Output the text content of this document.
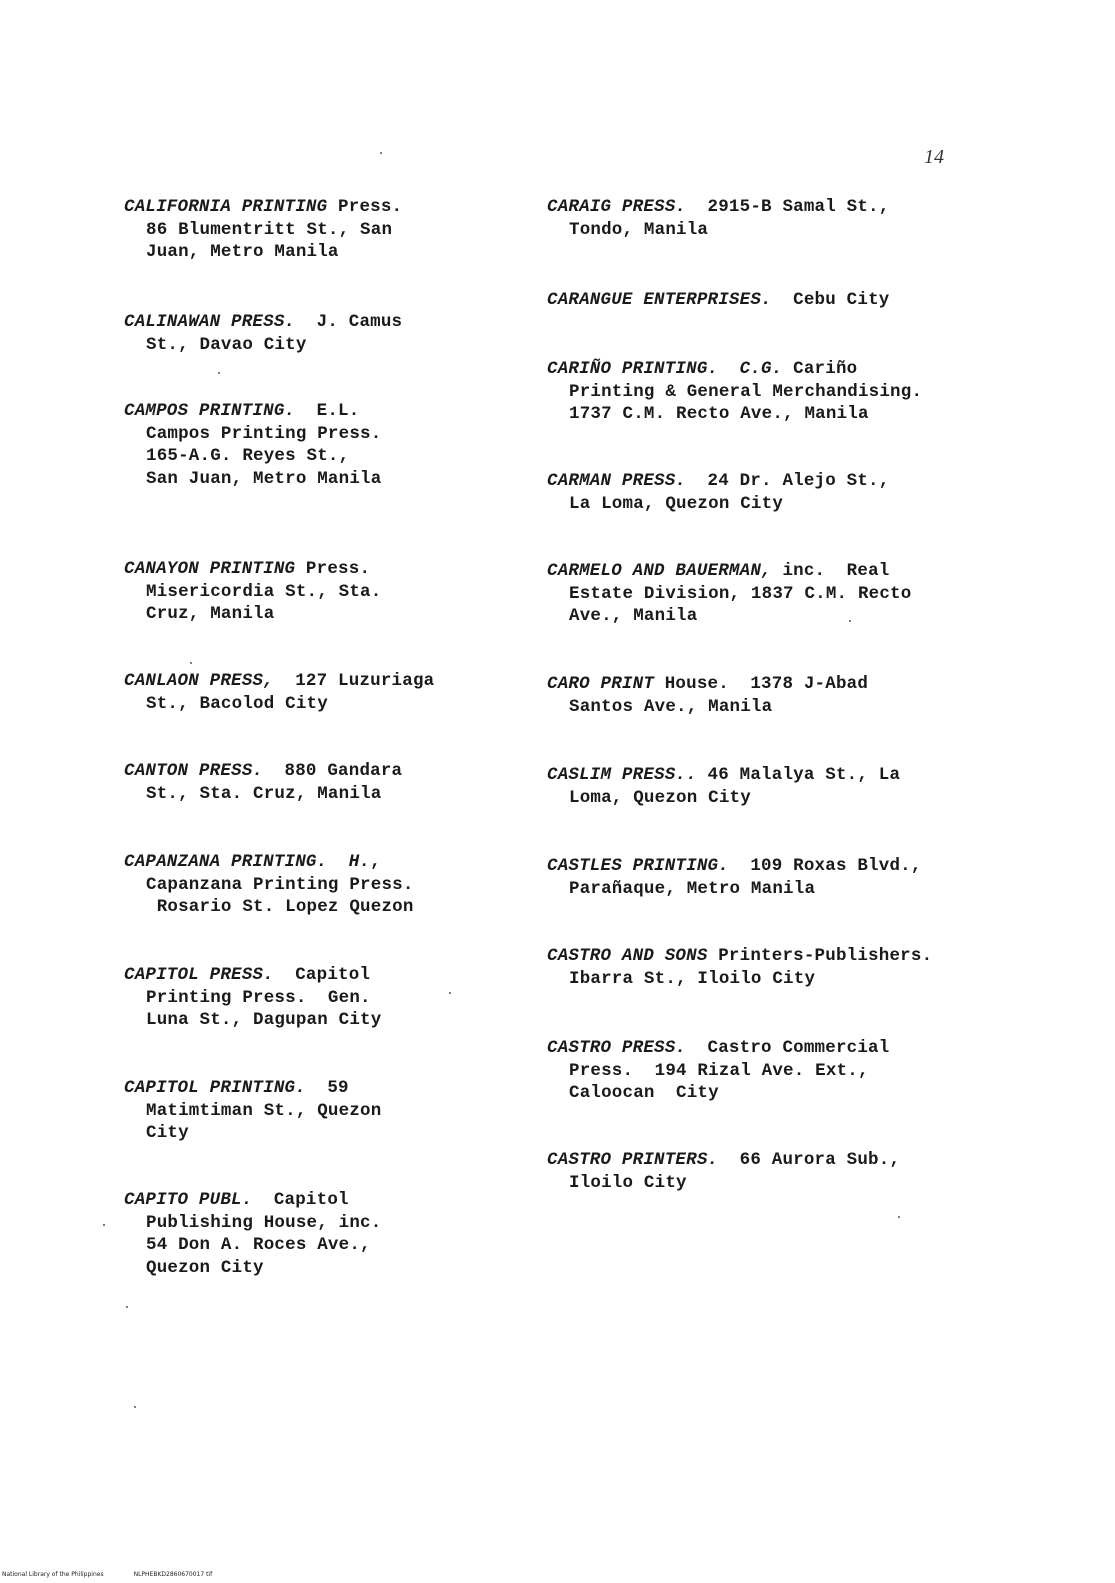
14
CALIFORNIA PRINTING Press.
86 Blumentritt St., San
Juan, Metro Manila
CALINAWAN PRESS.  J. Camus
St., Davao City
CAMPOS PRINTING.  E.L.
Campos Printing Press.
165-A.G. Reyes St.,
San Juan, Metro Manila
CANAYON PRINTING Press.
Misericordia St., Sta.
Cruz, Manila
CANLAON PRESS,  127 Luzuriaga
St., Bacolod City
CANTON PRESS.  880 Gandara
St., Sta. Cruz, Manila
CAPANZANA PRINTING.  H.,
Capanzana Printing Press.
Rosario St. Lopez Quezon
CAPITOL PRESS.  Capitol
Printing Press.  Gen.
Luna St., Dagupan City
CAPITOL PRINTING.  59
Matimtiman St., Quezon
City
CAPITO PUBL.  Capitol
Publishing House, inc.
54 Don A. Roces Ave.,
Quezon City
CARAIG PRESS.  2915-B Samal St.,
Tondo, Manila
CARANGUE ENTERPRISES.  Cebu City
CARIÑO PRINTING.  C.G. Cariño
Printing & General Merchandising.
1737 C.M. Recto Ave., Manila
CARMAN PRESS.  24 Dr. Alejo St.,
La Loma, Quezon City
CARMELO AND BAUERMAN, inc.  Real
Estate Division, 1837 C.M. Recto
Ave., Manila
CARO PRINT House.  1378 J-Abad
Santos Ave., Manila
CASLIM PRESS.. 46 Malalya St., La
Loma, Quezon City
CASTLES PRINTING.  109 Roxas Blvd.,
Parañaque, Metro Manila
CASTRO AND SONS Printers-Publishers.
Ibarra St., Iloilo City
CASTRO PRESS.  Castro Commercial
Press.  194 Rizal Ave. Ext.,
Caloocan  City
CASTRO PRINTERS.  66 Aurora Sub.,
Iloilo City
National Library of the Philippines	NLPHEBKD2860670017 tif
